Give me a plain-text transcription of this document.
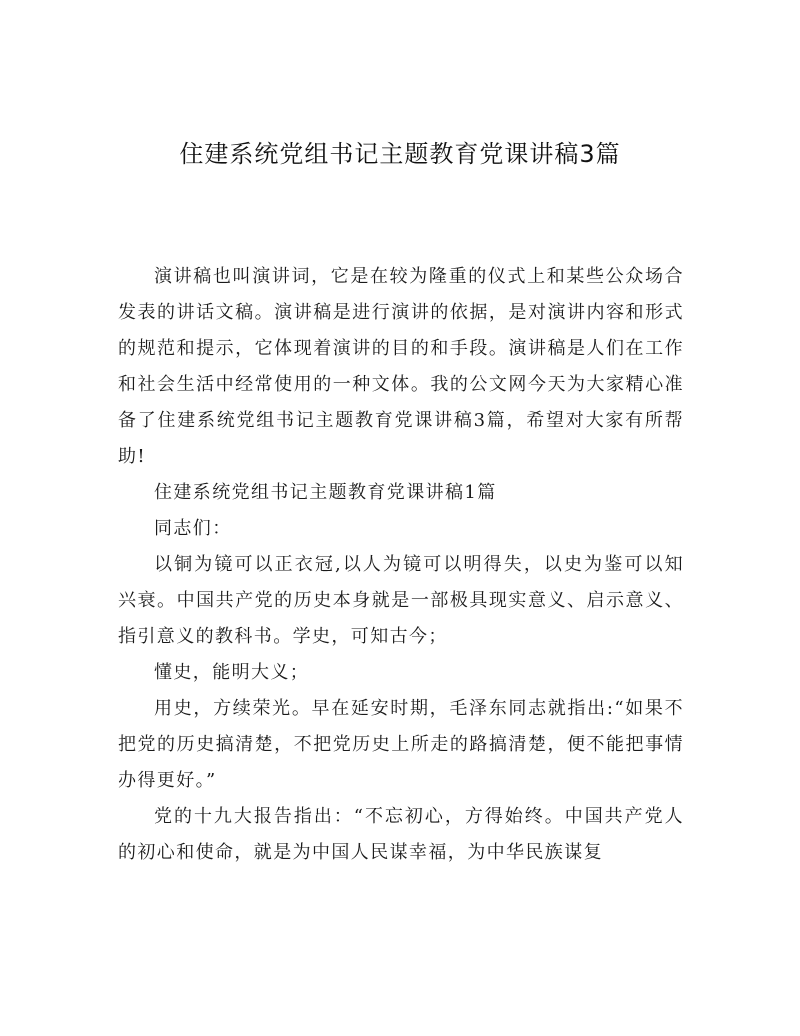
住建系统党组书记主题教育党课讲稿3篇

演讲稿也叫演讲词，它是在较为隆重的仪式上和某些公众场合发表的讲话文稿。演讲稿是进行演讲的依据，是对演讲内容和形式的规范和提示，它体现着演讲的目的和手段。演讲稿是人们在工作和社会生活中经常使用的一种文体。我的公文网今天为大家精心准备了住建系统党组书记主题教育党课讲稿3篇，希望对大家有所帮助!

住建系统党组书记主题教育党课讲稿1篇

同志们：

以铜为镜可以正衣冠,以人为镜可以明得失，以史为鉴可以知兴衰。中国共产党的历史本身就是一部极具现实意义、启示意义、指引意义的教科书。学史，可知古今；

懂史，能明大义；

用史，方续荣光。早在延安时期，毛泽东同志就指出:“如果不把党的历史搞清楚，不把党历史上所走的路搞清楚，便不能把事情办得更好。”

党的十九大报告指出：“不忘初心，方得始终。中国共产党人的初心和使命，就是为中国人民谋幸福，为中华民族谋复
